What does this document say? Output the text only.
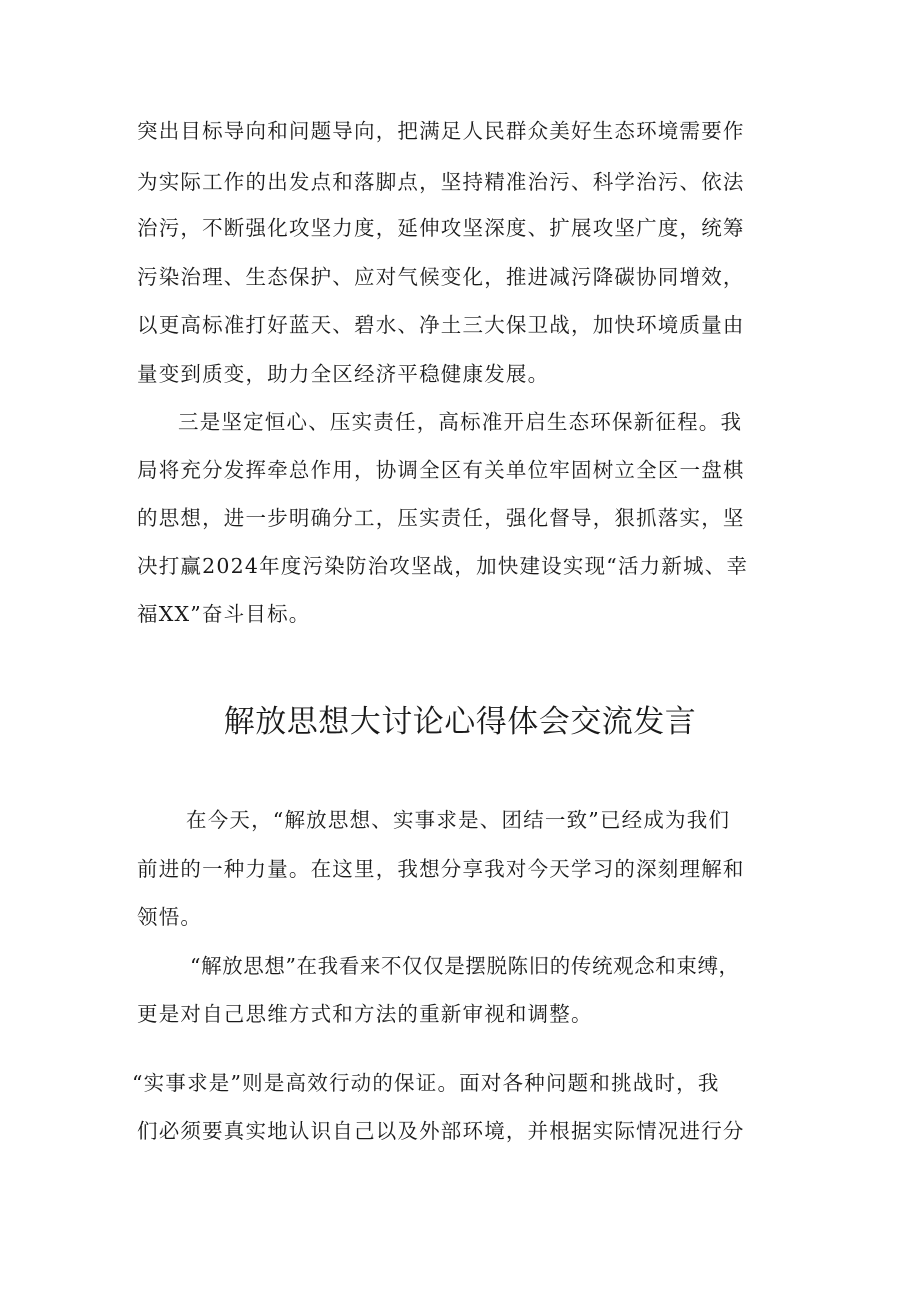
突出目标导向和问题导向，把满足人民群众美好生态环境需要作
为实际工作的出发点和落脚点，坚持精准治污、科学治污、依法
治污，不断强化攻坚力度，延伸攻坚深度、扩展攻坚广度，统筹
污染治理、生态保护、应对气候变化，推进减污降碳协同增效，
以更高标准打好蓝天、碧水、净土三大保卫战，加快环境质量由
量变到质变，助力全区经济平稳健康发展。
三是坚定恒心、压实责任，高标准开启生态环保新征程。我
局将充分发挥牵总作用，协调全区有关单位牢固树立全区一盘棋
的思想，进一步明确分工，压实责任，强化督导，狠抓落实，坚
决打赢2024年度污染防治攻坚战，加快建设实现“活力新城、幸
福XX”奋斗目标。
解放思想大讨论心得体会交流发言
在今天，“解放思想、实事求是、团结一致”已经成为我们
前进的一种力量。在这里，我想分享我对今天学习的深刻理解和
领悟。
“解放思想”在我看来不仅仅是摆脱陈旧的传统观念和束缚，
更是对自己思维方式和方法的重新审视和调整。
“实事求是”则是高效行动的保证。面对各种问题和挑战时，我
们必须要真实地认识自己以及外部环境，并根据实际情况进行分
